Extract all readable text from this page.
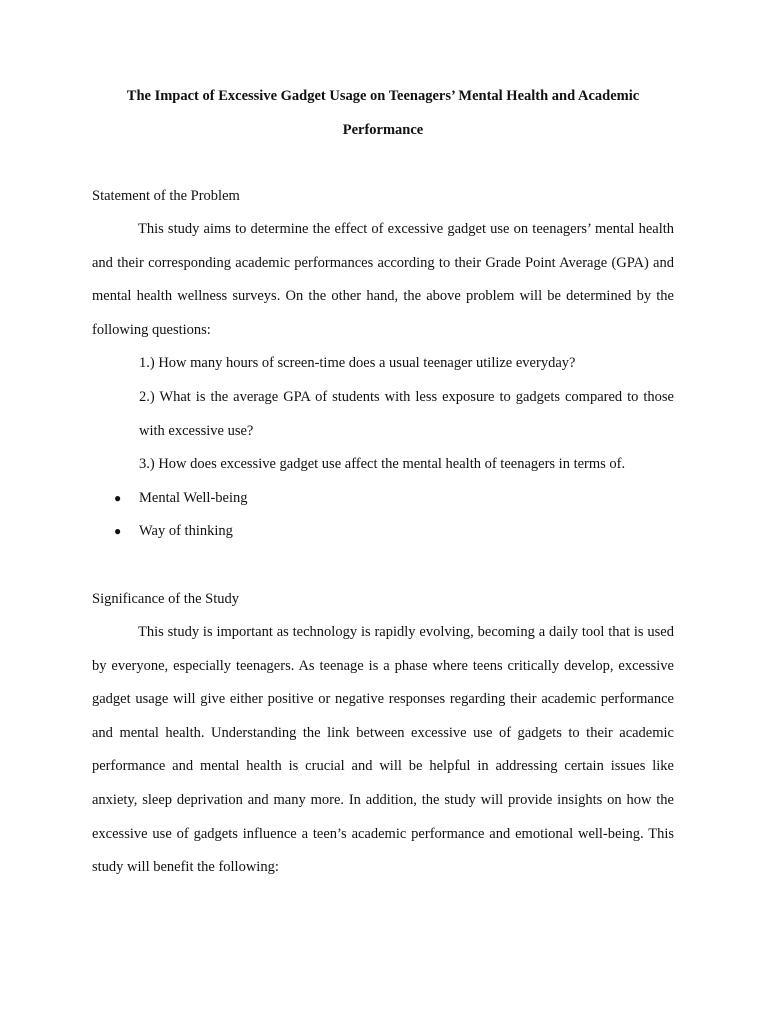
The Impact of Excessive Gadget Usage on Teenagers’ Mental Health and Academic
Performance
Statement of the Problem
This study aims to determine the effect of excessive gadget use on teenagers’ mental health and their corresponding academic performances according to their Grade Point Average (GPA) and mental health wellness surveys. On the other hand, the above problem will be determined by the following questions:
1.) How many hours of screen-time does a usual teenager utilize everyday?
2.) What is the average GPA of students with less exposure to gadgets compared to those with excessive use?
3.) How does excessive gadget use affect the mental health of teenagers in terms of.
●	Mental Well-being
●	Way of thinking
Significance of the Study
This study is important as technology is rapidly evolving, becoming a daily tool that is used by everyone, especially teenagers. As teenage is a phase where teens critically develop, excessive gadget usage will give either positive or negative responses regarding their academic performance and mental health. Understanding the link between excessive use of gadgets to their academic performance and mental health is crucial and will be helpful in addressing certain issues like anxiety, sleep deprivation and many more. In addition, the study will provide insights on how the excessive use of gadgets influence a teen’s academic performance and emotional well-being. This study will benefit the following:
